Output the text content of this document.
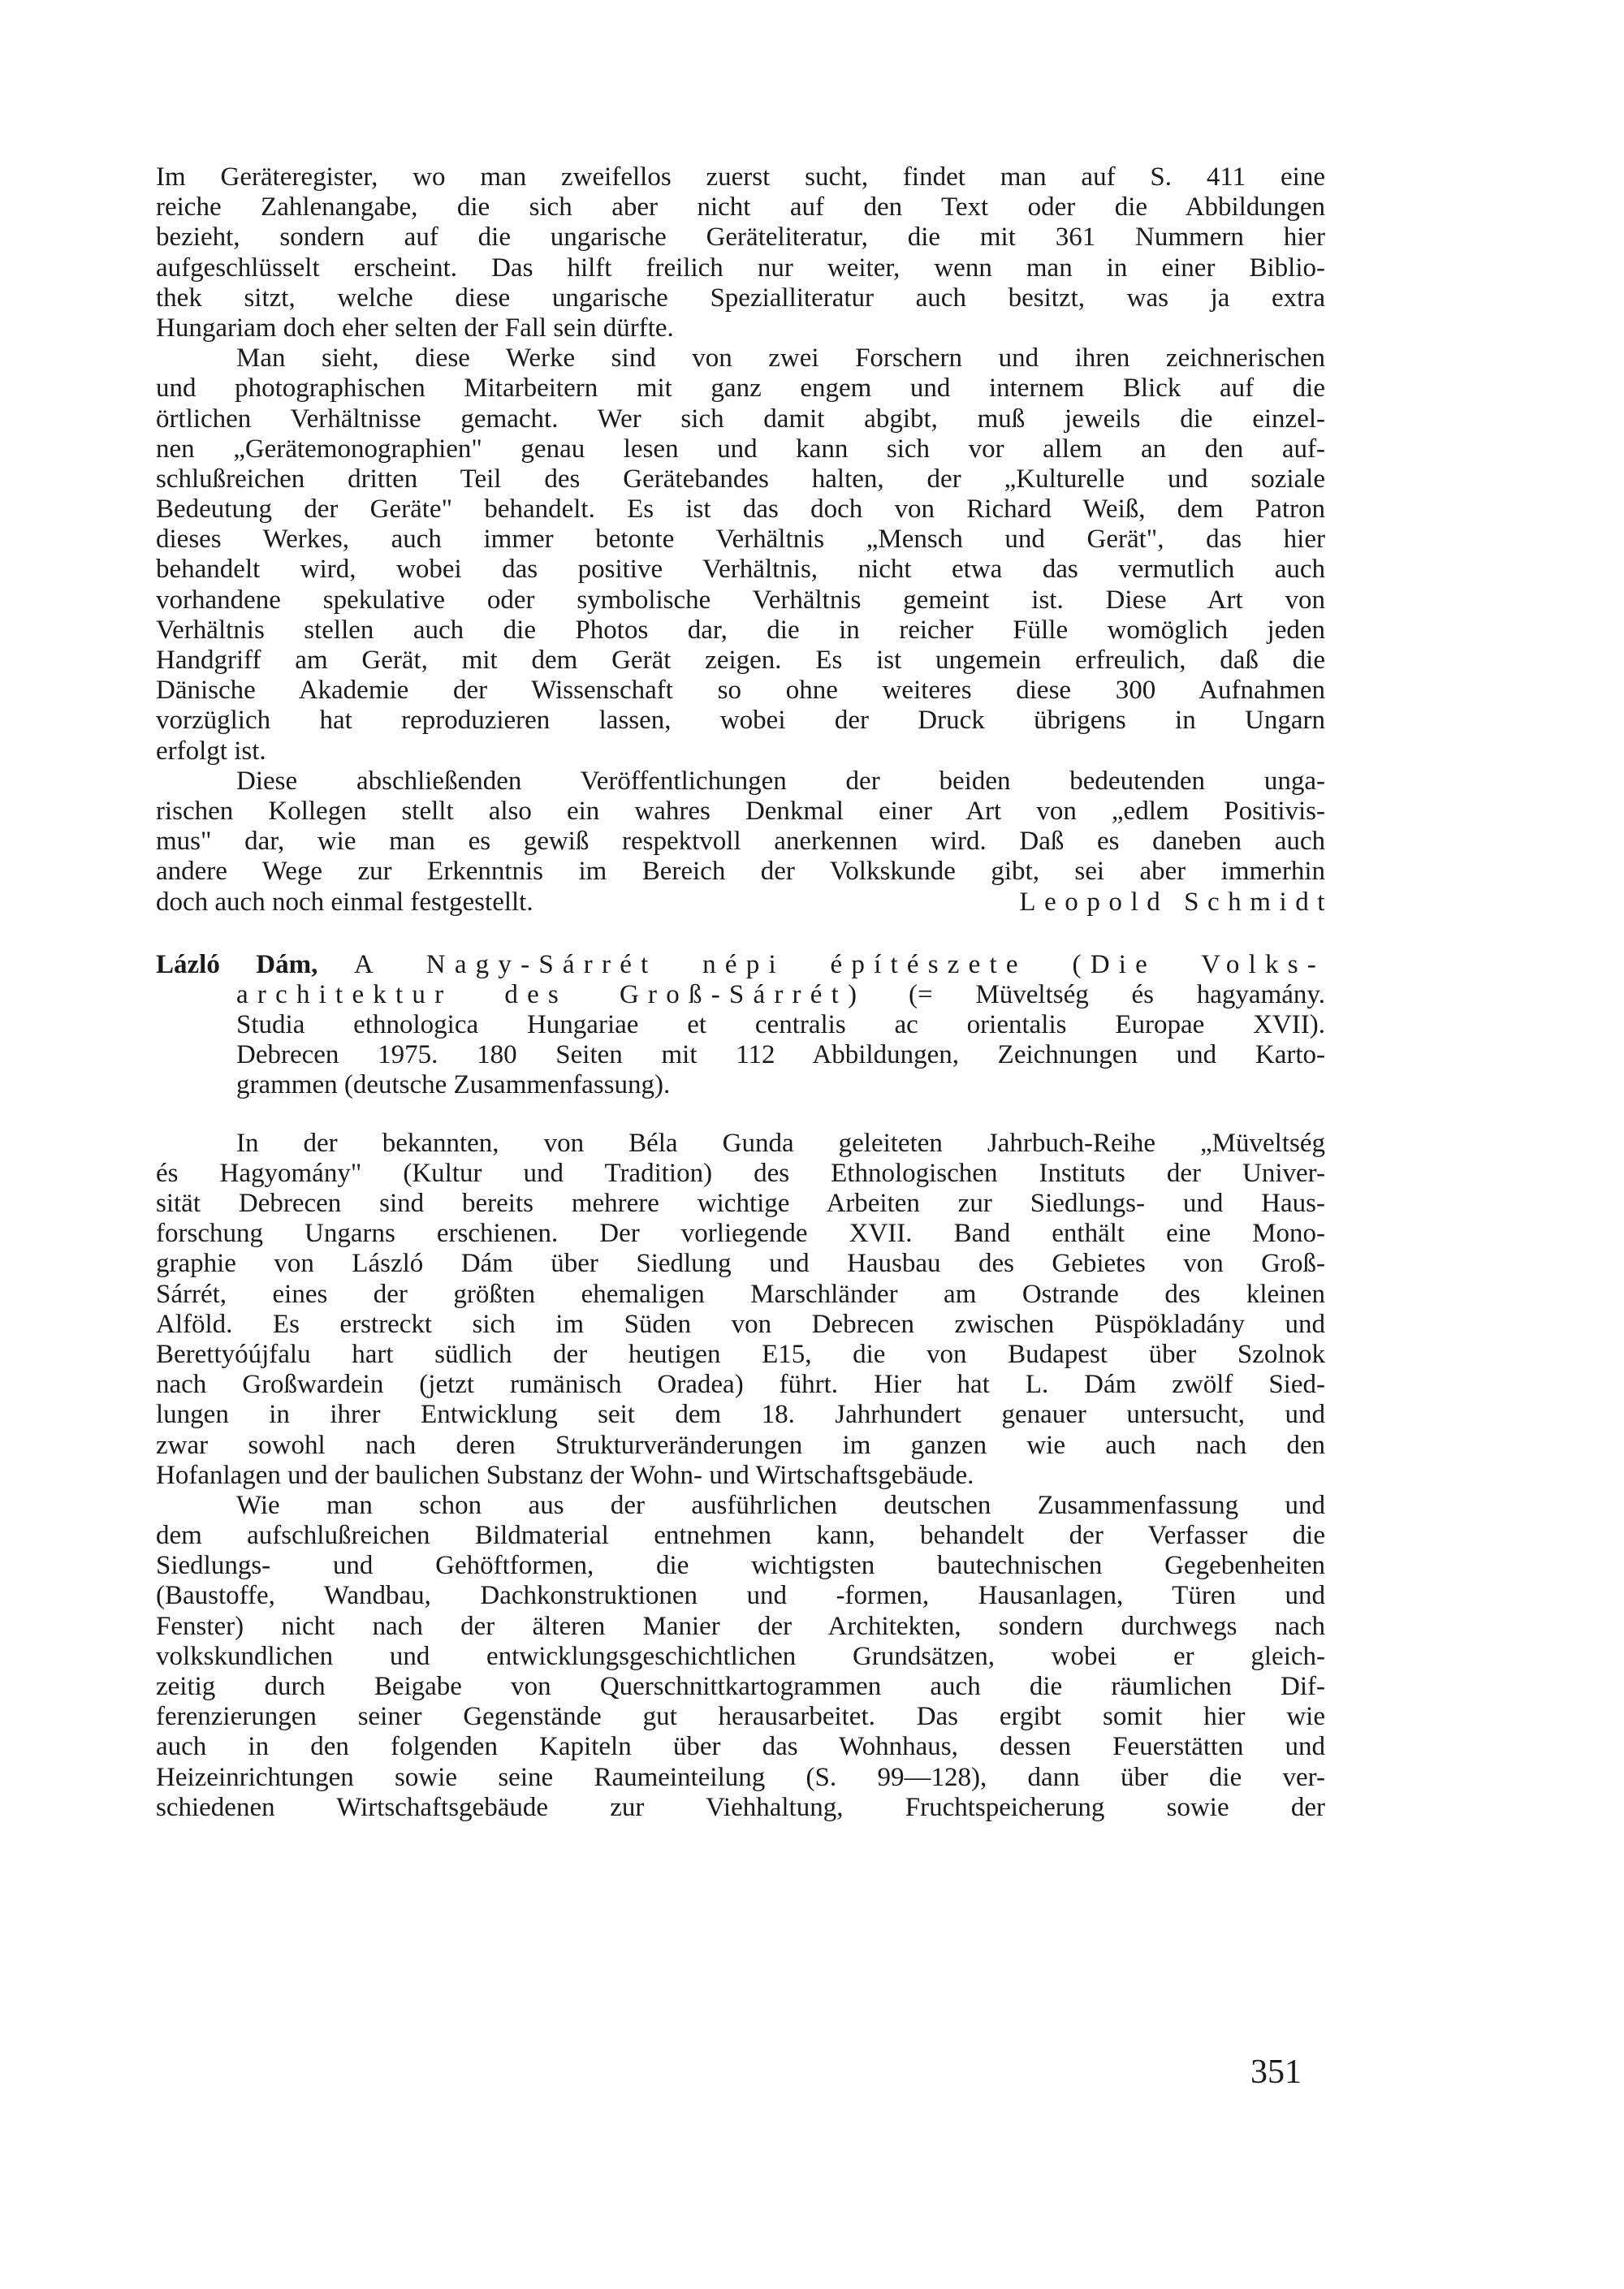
Im Geräteregister, wo man zweifellos zuerst sucht, findet man auf S. 411 eine
reiche Zahlenangabe, die sich aber nicht auf den Text oder die Abbildungen
bezieht, sondern auf die ungarische Geräteliteratur, die mit 361 Nummern hier
aufgeschlüsselt erscheint. Das hilft freilich nur weiter, wenn man in einer Biblio-
thek sitzt, welche diese ungarische Spezialliteratur auch besitzt, was ja extra
Hungariam doch eher selten der Fall sein dürfte.
Man sieht, diese Werke sind von zwei Forschern und ihren zeichnerischen
und photographischen Mitarbeitern mit ganz engem und internem Blick auf die
örtlichen Verhältnisse gemacht. Wer sich damit abgibt, muß jeweils die einzel-
nen „Gerätemonographien" genau lesen und kann sich vor allem an den auf-
schlußreichen dritten Teil des Gerätebandes halten, der „Kulturelle und soziale
Bedeutung der Geräte" behandelt. Es ist das doch von Richard Weiß, dem Patron
dieses Werkes, auch immer betonte Verhältnis „Mensch und Gerät", das hier
behandelt wird, wobei das positive Verhältnis, nicht etwa das vermutlich auch
vorhandene spekulative oder symbolische Verhältnis gemeint ist. Diese Art von
Verhältnis stellen auch die Photos dar, die in reicher Fülle womöglich jeden
Handgriff am Gerät, mit dem Gerät zeigen. Es ist ungemein erfreulich, daß die
Dänische Akademie der Wissenschaft so ohne weiteres diese 300 Aufnahmen
vorzüglich hat reproduzieren lassen, wobei der Druck übrigens in Ungarn
erfolgt ist.
Diese abschließenden Veröffentlichungen der beiden bedeutenden unga-
rischen Kollegen stellt also ein wahres Denkmal einer Art von „edlem Positivis-
mus" dar, wie man es gewiß respektvoll anerkennen wird. Daß es daneben auch
andere Wege zur Erkenntnis im Bereich der Volkskunde gibt, sei aber immerhin
doch auch noch einmal festgestellt.	Leopold Schmidt
Lázló Dám, A Nagy-Sárrét népi építészete (Die Volks-
architektur des Groß-Sárrét) (= Müveltség és hagyamány.
Studia ethnologica Hungariae et centralis ac orientalis Europae XVII).
Debrecen 1975. 180 Seiten mit 112 Abbildungen, Zeichnungen und Karto-
grammen (deutsche Zusammenfassung).
In der bekannten, von Béla Gunda geleiteten Jahrbuch-Reihe „Müveltség
és Hagyomány" (Kultur und Tradition) des Ethnologischen Instituts der Univer-
sität Debrecen sind bereits mehrere wichtige Arbeiten zur Siedlungs- und Haus-
forschung Ungarns erschienen. Der vorliegende XVII. Band enthält eine Mono-
graphie von László Dám über Siedlung und Hausbau des Gebietes von Groß-
Sárrét, eines der größten ehemaligen Marschländer am Ostrande des kleinen
Alföld. Es erstreckt sich im Süden von Debrecen zwischen Püspökladány und
Berettyóújfalu hart südlich der heutigen E15, die von Budapest über Szolnok
nach Großwardein (jetzt rumänisch Oradea) führt. Hier hat L. Dám zwölf Sied-
lungen in ihrer Entwicklung seit dem 18. Jahrhundert genauer untersucht, und
zwar sowohl nach deren Strukturveränderungen im ganzen wie auch nach den
Hofanlagen und der baulichen Substanz der Wohn- und Wirtschaftsgebäude.
Wie man schon aus der ausführlichen deutschen Zusammenfassung und
dem aufschlußreichen Bildmaterial entnehmen kann, behandelt der Verfasser die
Siedlungs- und Gehöftformen, die wichtigsten bautechnischen Gegebenheiten
(Baustoffe, Wandbau, Dachkonstruktionen und -formen, Hausanlagen, Türen und
Fenster) nicht nach der älteren Manier der Architekten, sondern durchwegs nach
volkskundlichen und entwicklungsgeschichtlichen Grundsätzen, wobei er gleich-
zeitig durch Beigabe von Querschnittkartogrammen auch die räumlichen Dif-
ferenzierungen seiner Gegenstände gut herausarbeitet. Das ergibt somit hier wie
auch in den folgenden Kapiteln über das Wohnhaus, dessen Feuerstätten und
Heizeinrichtungen sowie seine Raumeinteilung (S. 99—128), dann über die ver-
schiedenen Wirtschaftsgebäude zur Viehhaltung, Fruchtspeicherung sowie der
351
